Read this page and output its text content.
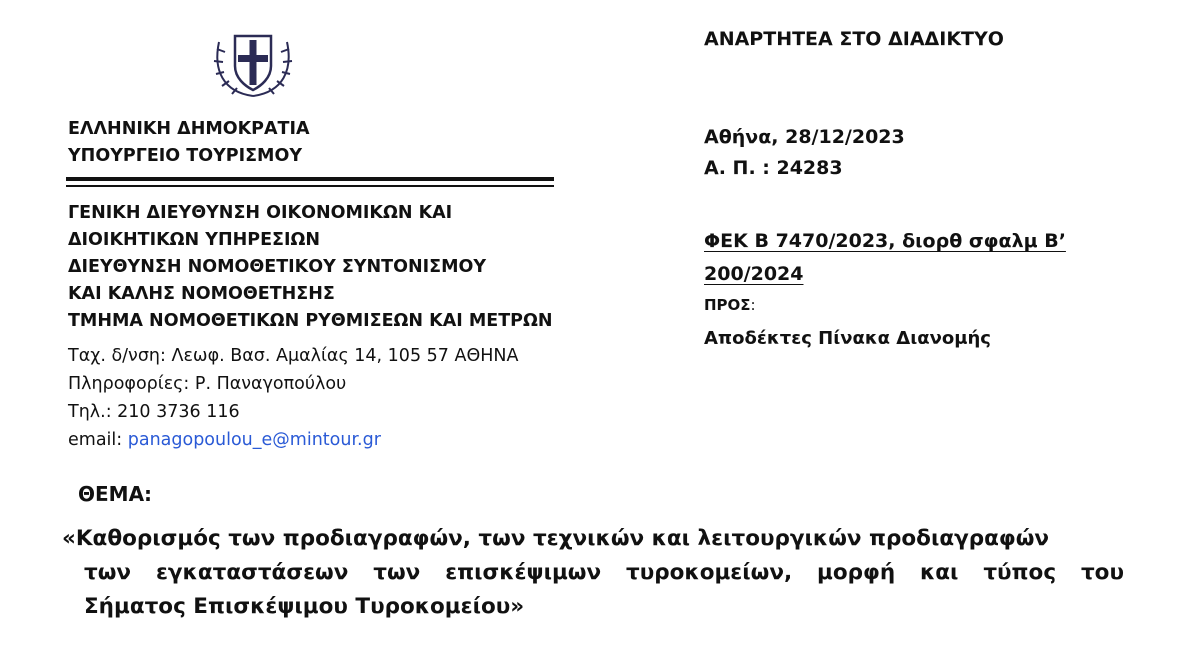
ΕΛΛΗΝΙΚΗ ΔΗΜΟΚΡΑΤΙΑ
ΥΠΟΥΡΓΕΙΟ ΤΟΥΡΙΣΜΟΥ
ΓΕΝΙΚΗ ΔΙΕΥΘΥΝΣΗ ΟΙΚΟΝΟΜΙΚΩΝ ΚΑΙ
ΔΙΟΙΚΗΤΙΚΩΝ ΥΠΗΡΕΣΙΩΝ
ΔΙΕΥΘΥΝΣΗ ΝΟΜΟΘΕΤΙΚΟΥ ΣΥΝΤΟΝΙΣΜΟΥ
ΚΑΙ ΚΑΛΗΣ ΝΟΜΟΘΕΤΗΣΗΣ
ΤΜΗΜΑ ΝΟΜΟΘΕΤΙΚΩΝ ΡΥΘΜΙΣΕΩΝ ΚΑΙ ΜΕΤΡΩΝ
Ταχ. δ/νση: Λεωφ. Βασ. Αμαλίας 14, 105 57 ΑΘΗΝΑ
Πληροφορίες: Ρ. Παναγοπούλου
Τηλ.: 210 3736 116
email: panagopoulou_e@mintour.gr
ΑΝΑΡΤΗΤΕΑ ΣΤΟ ΔΙΑΔΙΚΤΥΟ
Αθήνα, 28/12/2023
Α. Π. : 24283
ΦΕΚ Β 7470/2023, διορθ σφαλμ Β’
200/2024
ΠΡΟΣ:
Αποδέκτες Πίνακα Διανομής
ΘΕΜΑ:
«Καθορισμός των προδιαγραφών, των τεχνικών και λειτουργικών προδιαγραφών
των εγκαταστάσεων των επισκέψιμων τυροκομείων, μορφή και τύπος του
Σήματος Επισκέψιμου Τυροκομείου»
